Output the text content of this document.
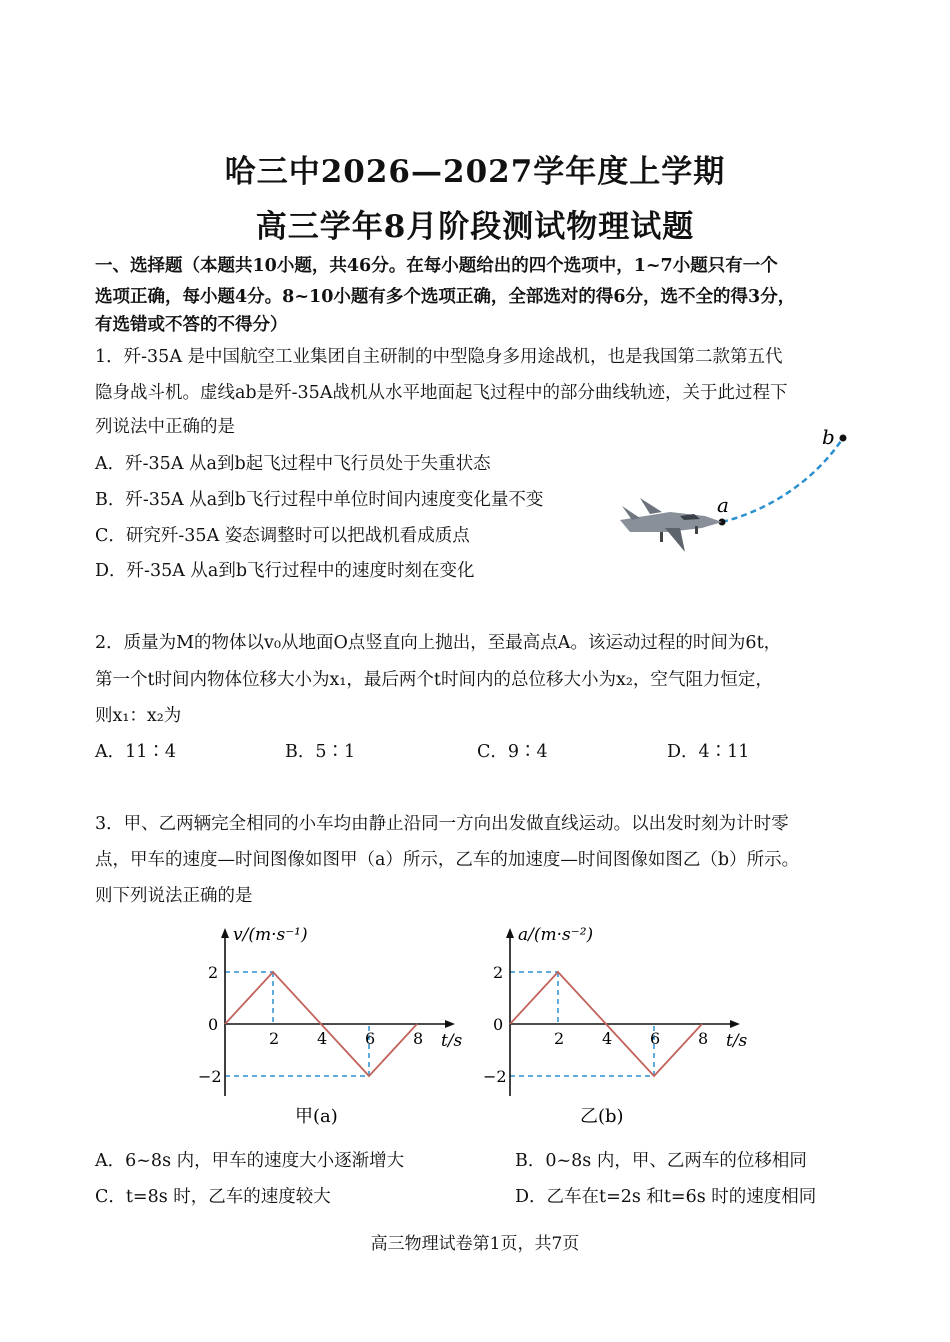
哈三中2026—2027学年度上学期
高三学年8月阶段测试物理试题
一、选择题（本题共10小题，共46分。在每小题给出的四个选项中，1~7小题只有一个
选项正确，每小题4分。8~10小题有多个选项正确，全部选对的得6分，选不全的得3分，
有选错或不答的不得分）
1．歼-35A 是中国航空工业集团自主研制的中型隐身多用途战机，也是我国第二款第五代
隐身战斗机。虚线ab是歼-35A战机从水平地面起飞过程中的部分曲线轨迹，关于此过程下
列说法中正确的是
A．歼-35A 从a到b起飞过程中飞行员处于失重状态
B．歼-35A 从a到b飞行过程中单位时间内速度变化量不变
C．研究歼-35A 姿态调整时可以把战机看成质点
D．歼-35A 从a到b飞行过程中的速度时刻在变化
a
b
2．质量为M的物体以v₀从地面O点竖直向上抛出，至最高点A。该运动过程的时间为6t，
第一个t时间内物体位移大小为x₁，最后两个t时间内的总位移大小为x₂，空气阻力恒定，
则x₁：x₂为
A．11∶4	B．5∶1	C．9∶4	D．4∶11
3．甲、乙两辆完全相同的小车均由静止沿同一方向出发做直线运动。以出发时刻为计时零
点，甲车的速度—时间图像如图甲（a）所示，乙车的加速度—时间图像如图乙（b）所示。
则下列说法正确的是
2 4 6 8
2
0
−2
v/(m·s⁻¹)
t/s
甲(a)
2 4 6 8
2
0
−2
a/(m·s⁻²)
t/s
乙(b)
A．6~8s 内，甲车的速度大小逐渐增大	B．0~8s 内，甲、乙两车的位移相同
C．t=8s 时，乙车的速度较大	D．乙车在t=2s 和t=6s 时的速度相同
高三物理试卷第1页，共7页
